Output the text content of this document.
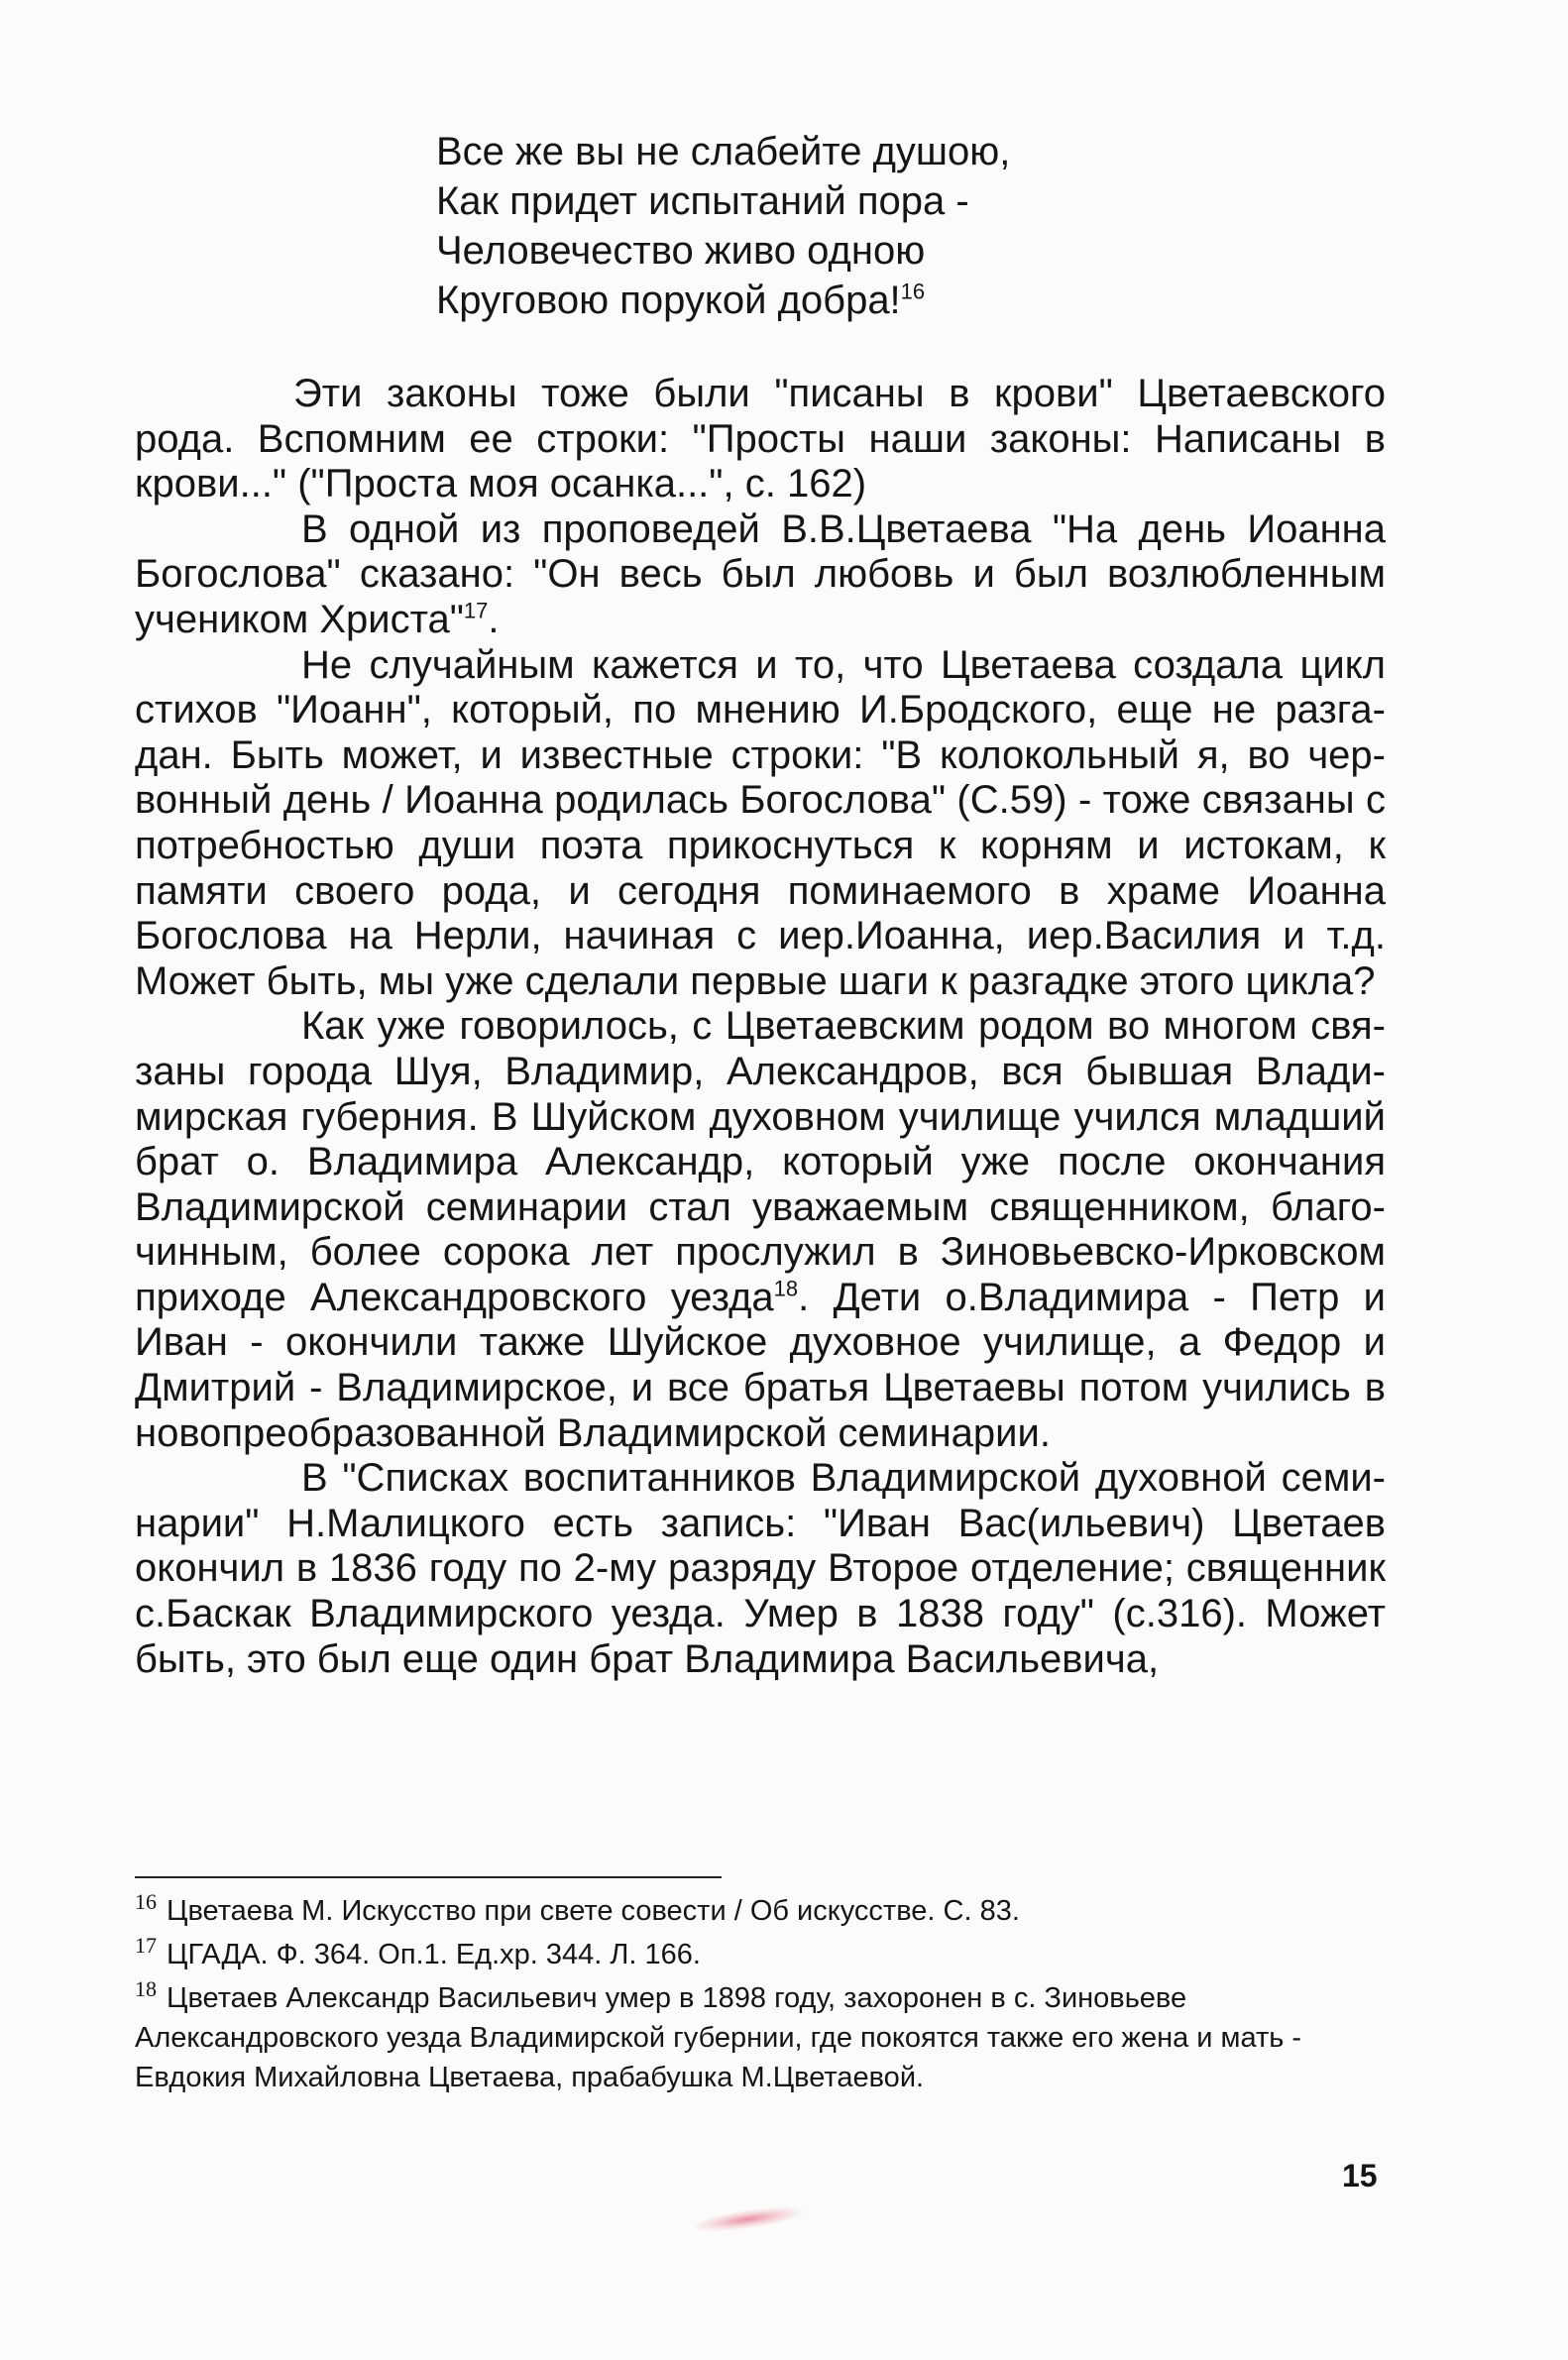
Все же вы не слабейте душою,
Как придет испытаний пора -
Человечество живо одною
Круговою порукой добра!$^{16}$

Эти законы тоже были "писаны в крови" Цветаевского рода. Вспомним ее строки: "Просты наши законы: Написаны в крови..." ("Проста моя осанка...", с. 162)

В одной из проповедей В.В.Цветаева "На день Иоанна Богослова" сказано: "Он весь был любовь и был возлюбленным учеником Христа"$^{17}$.

Не случайным кажется и то, что Цветаева создала цикл стихов "Иоанн", который, по мнению И.Бродского, еще не разгадан. Быть может, и известные строки: "В колокольный я, во червонный день / Иоанна родилась Богослова" (С.59) - тоже связаны с потребностью души поэта прикоснуться к корням и истокам, к памяти своего рода, и сегодня поминаемого в храме Иоанна Богослова на Нерли, начиная с иер.Иоанна, иер.Василия и т.д. Может быть, мы уже сделали первые шаги к разгадке этого цикла?

Как уже говорилось, с Цветаевским родом во многом связаны города Шуя, Владимир, Александров, вся бывшая Владимирская губерния. В Шуйском духовном училище учился младший брат о. Владимира Александр, который уже после окончания Владимирской семинарии стал уважаемым священником, благочинным, более сорока лет прослужил в Зиновьевско-Ирковском приходе Александровского уезда$^{18}$. Дети о.Владимира - Петр и Иван - окончили также Шуйское духовное училище, а Федор и Дмитрий - Владимирское, и все братья Цветаевы потом учились в новопреобразованной Владимирской семинарии.

В "Списках воспитанников Владимирской духовной семинарии" Н.Малицкого есть запись: "Иван Вас(ильевич) Цветаев окончил в 1836 году по 2-му разряду Второе отделение; священник с.Баскак Владимирского уезда. Умер в 1838 году" (с.316). Может быть, это был еще один брат Владимира Васильевича,

$^{16}$ Цветаева М. Искусство при свете совести / Об искусстве. С. 83.

$^{17}$ ЦГАДА. Ф. 364. Оп.1. Ед.хр. 344. Л. 166.

$^{18}$ Цветаев Александр Васильевич умер в 1898 году, захоронен в с. Зиновьеве Александровского уезда Владимирской губернии, где покоятся также его жена и мать - Евдокия Михайловна Цветаева, прабабушка М.Цветаевой.

15
